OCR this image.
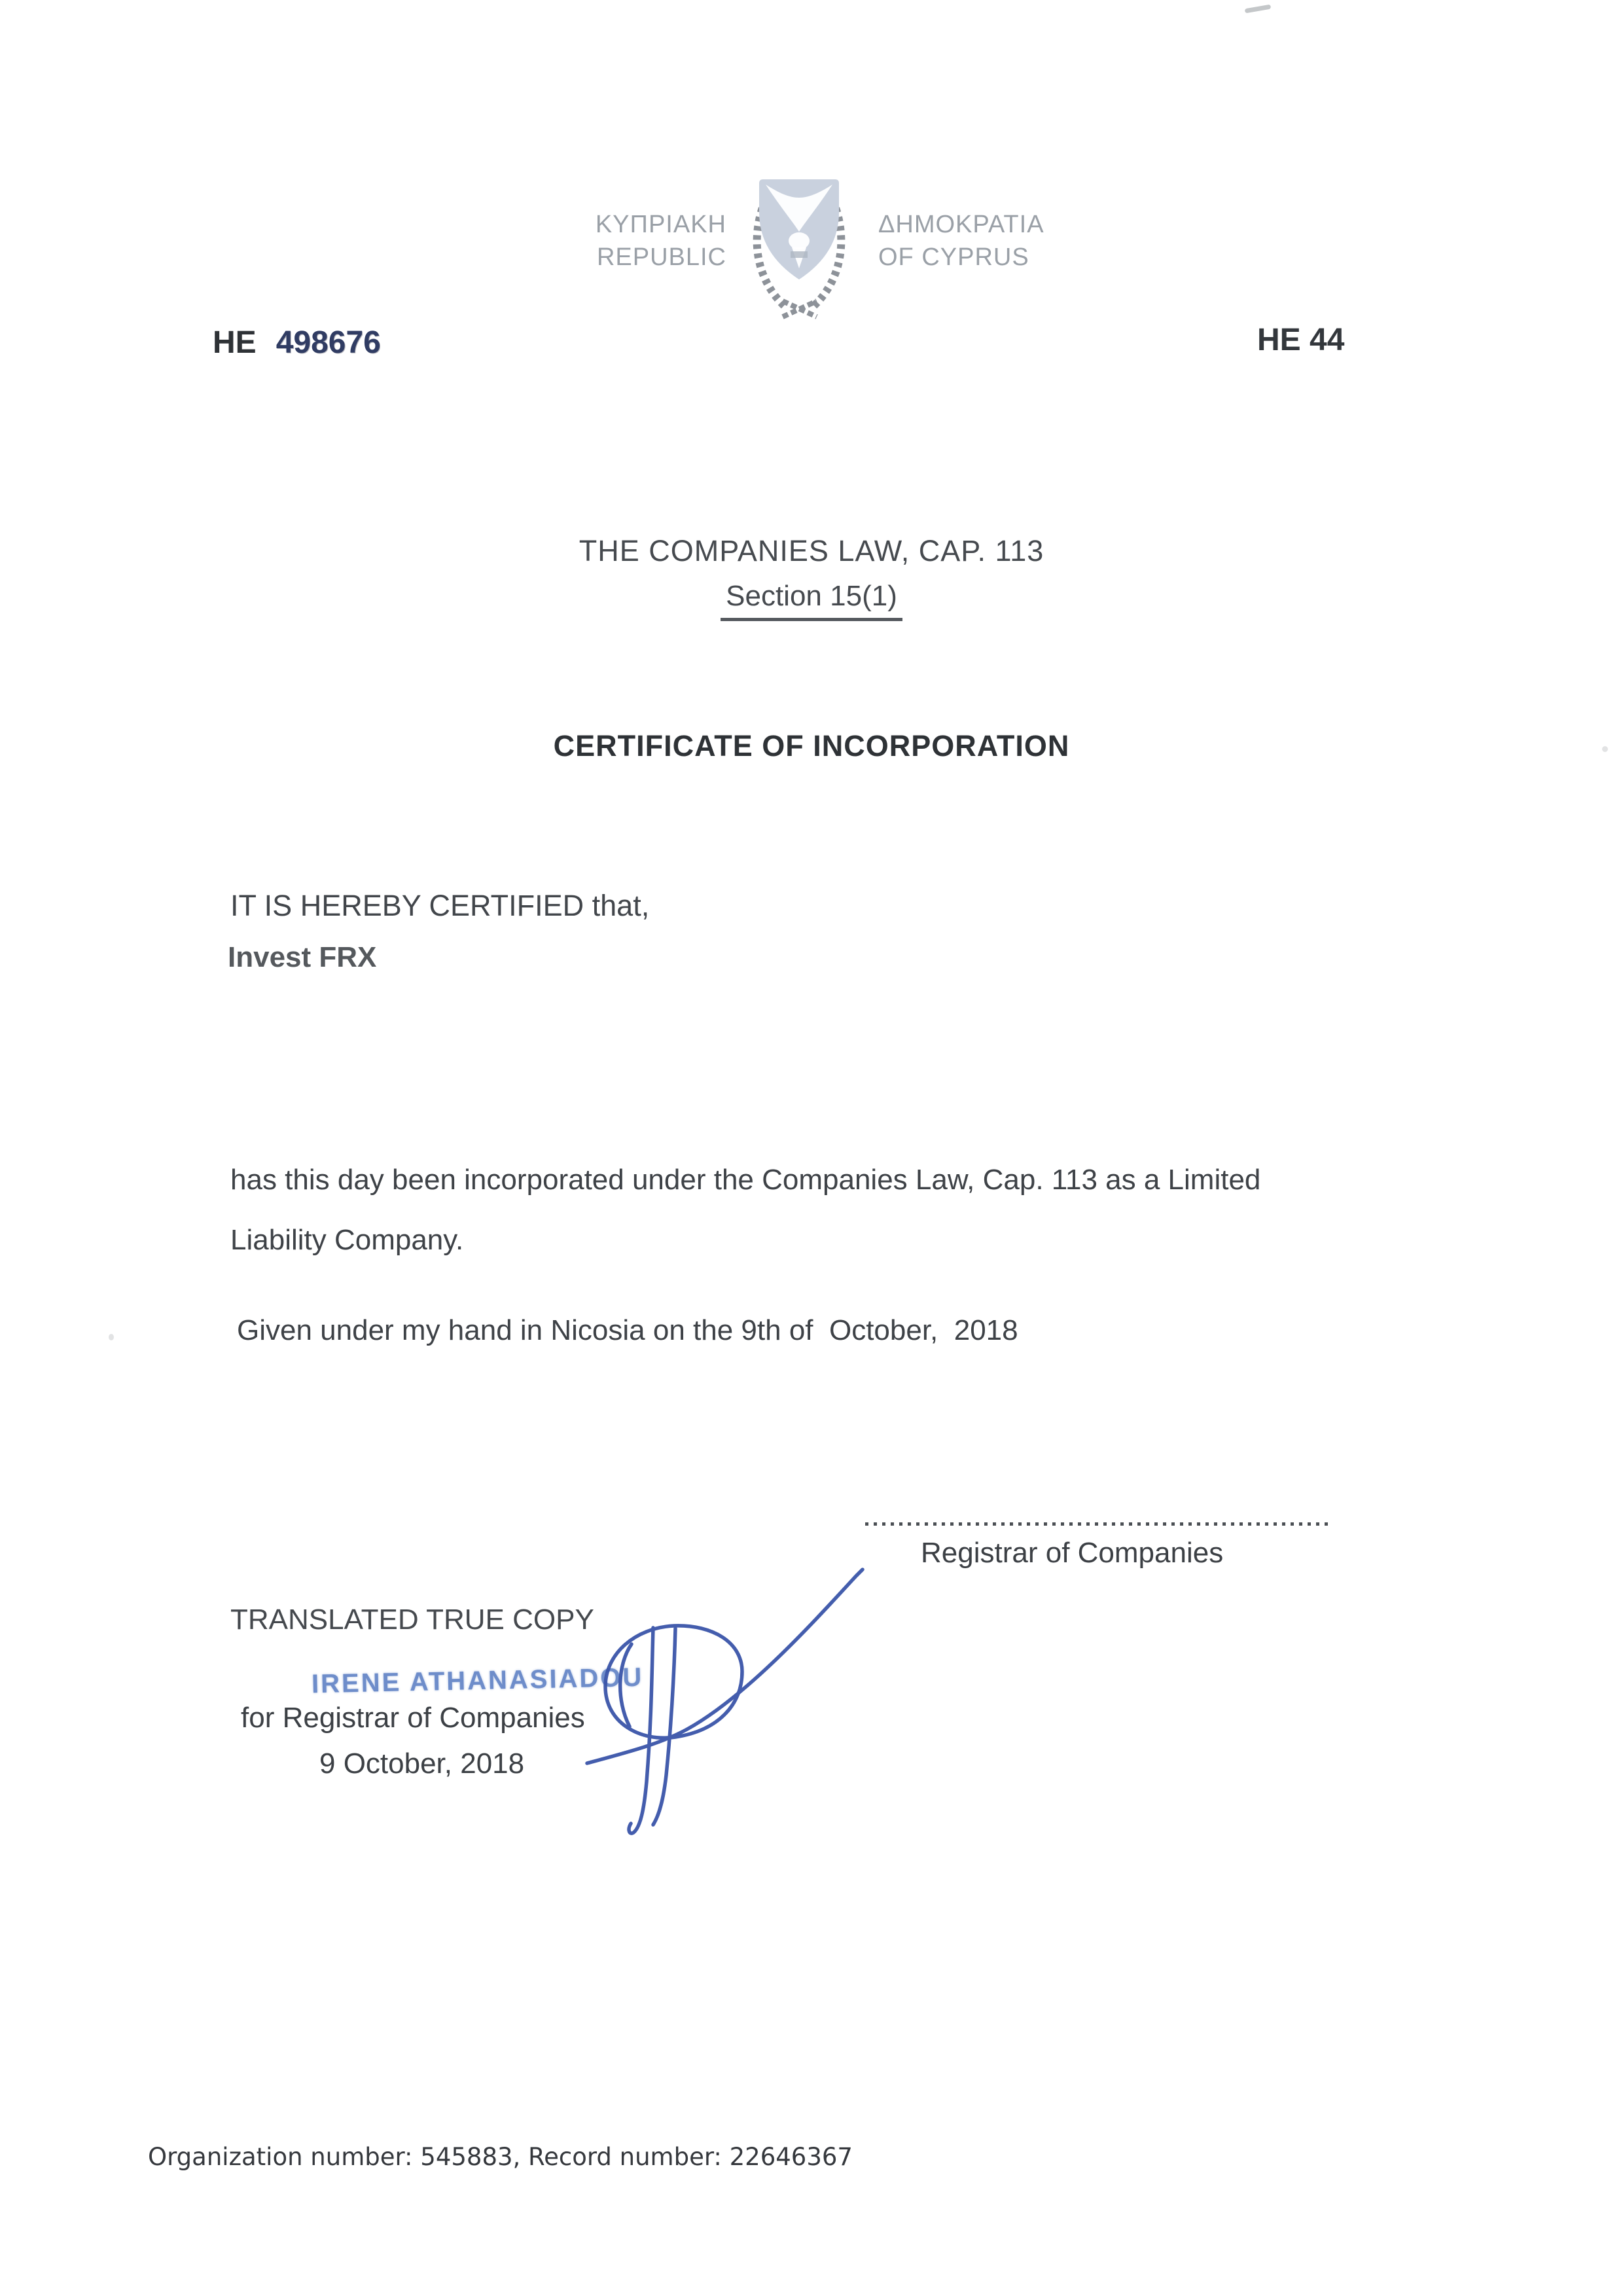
ΚΥΠΡΙΑΚΗ
REPUBLIC
ΔΗΜΟΚΡΑΤΙΑ
OF CYPRUS
HE 498676	HE 44
THE COMPANIES LAW, CAP. 113
Section 15(1)
CERTIFICATE OF INCORPORATION
IT IS HEREBY CERTIFIED that,
Invest FRX
has this day been incorporated under the Companies Law, Cap. 113 as a Limited
Liability Company.
Given under my hand in Nicosia on the 9th of  October,  2018
Registrar of Companies
TRANSLATED TRUE COPY
IRENE ATHANASIADOU
for Registrar of Companies
9 October, 2018
Organization number: 545883, Record number: 22646367
